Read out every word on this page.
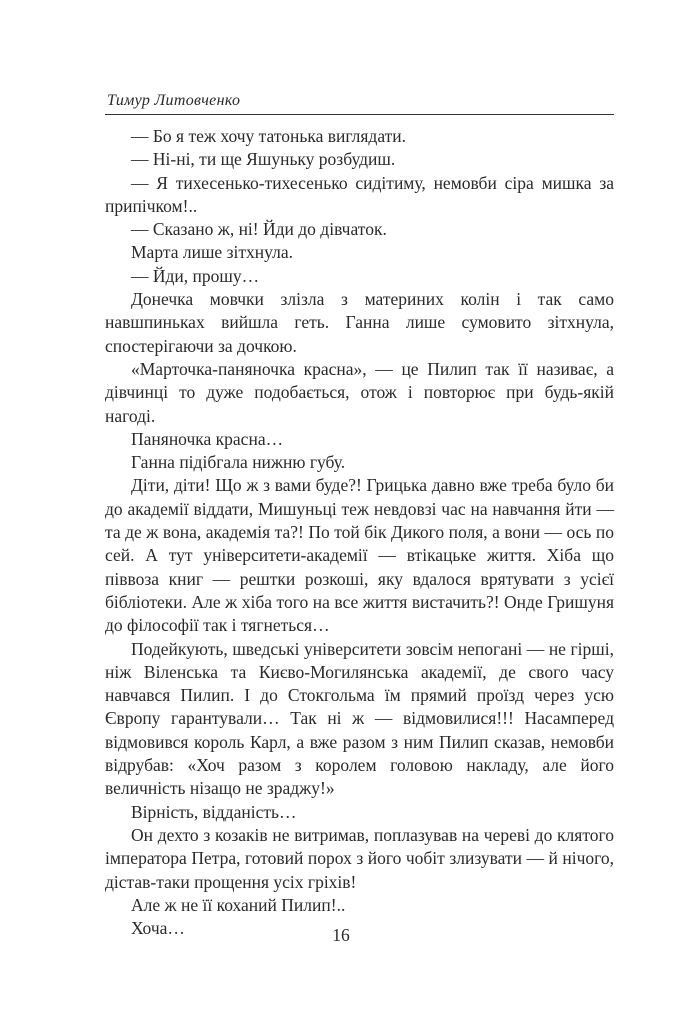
Тимур Литовченко

— Бо я теж хочу татонька виглядати.

— Ні-ні, ти ще Яшуньку розбудиш.

— Я тихесенько-тихесенько сидітиму, немовби сіра мишка за припічком!..

— Сказано ж, ні! Йди до дівчаток.

Марта лише зітхнула.

— Йди, прошу…

Донечка мовчки злізла з материних колін і так само навшпиньках вийшла геть. Ганна лише сумовито зітхнула, спостерігаючи за дочкою.

«Марточка-паняночка красна», — це Пилип так її називає, а дівчинці то дуже подобається, отож і повторює при будь-якій нагоді.

Паняночка красна…

Ганна підібгала нижню губу.

Діти, діти! Що ж з вами буде?! Грицька давно вже треба було би до академії віддати, Мишуньці теж невдовзі час на навчання йти — та де ж вона, академія та?! По той бік Дикого поля, а вони — ось по сей. А тут університети-академії — втікацьке життя. Хіба що піввоза книг — рештки розкоші, яку вдалося врятувати з усієї бібліотеки. Але ж хіба того на все життя вистачить?! Онде Гришуня до філософії так і тягнеться…

Подейкують, шведські університети зовсім непогані — не гірші, ніж Віленська та Києво-Могилянська академії, де свого часу навчався Пилип. І до Стокгольма їм прямий проїзд через усю Європу гарантували… Так ні ж — відмовилися!!! Насамперед відмовився король Карл, а вже разом з ним Пилип сказав, немовби відрубав: «Хоч разом з королем головою накладу, але його величність нізащо не зраджу!»

Вірність, відданість…

Он дехто з козаків не витримав, поплазував на череві до клятого імператора Петра, готовий порох з його чобіт злизувати — й нічого, дістав-таки прощення усіх гріхів!

Але ж не її коханий Пилип!..

Хоча…	16
